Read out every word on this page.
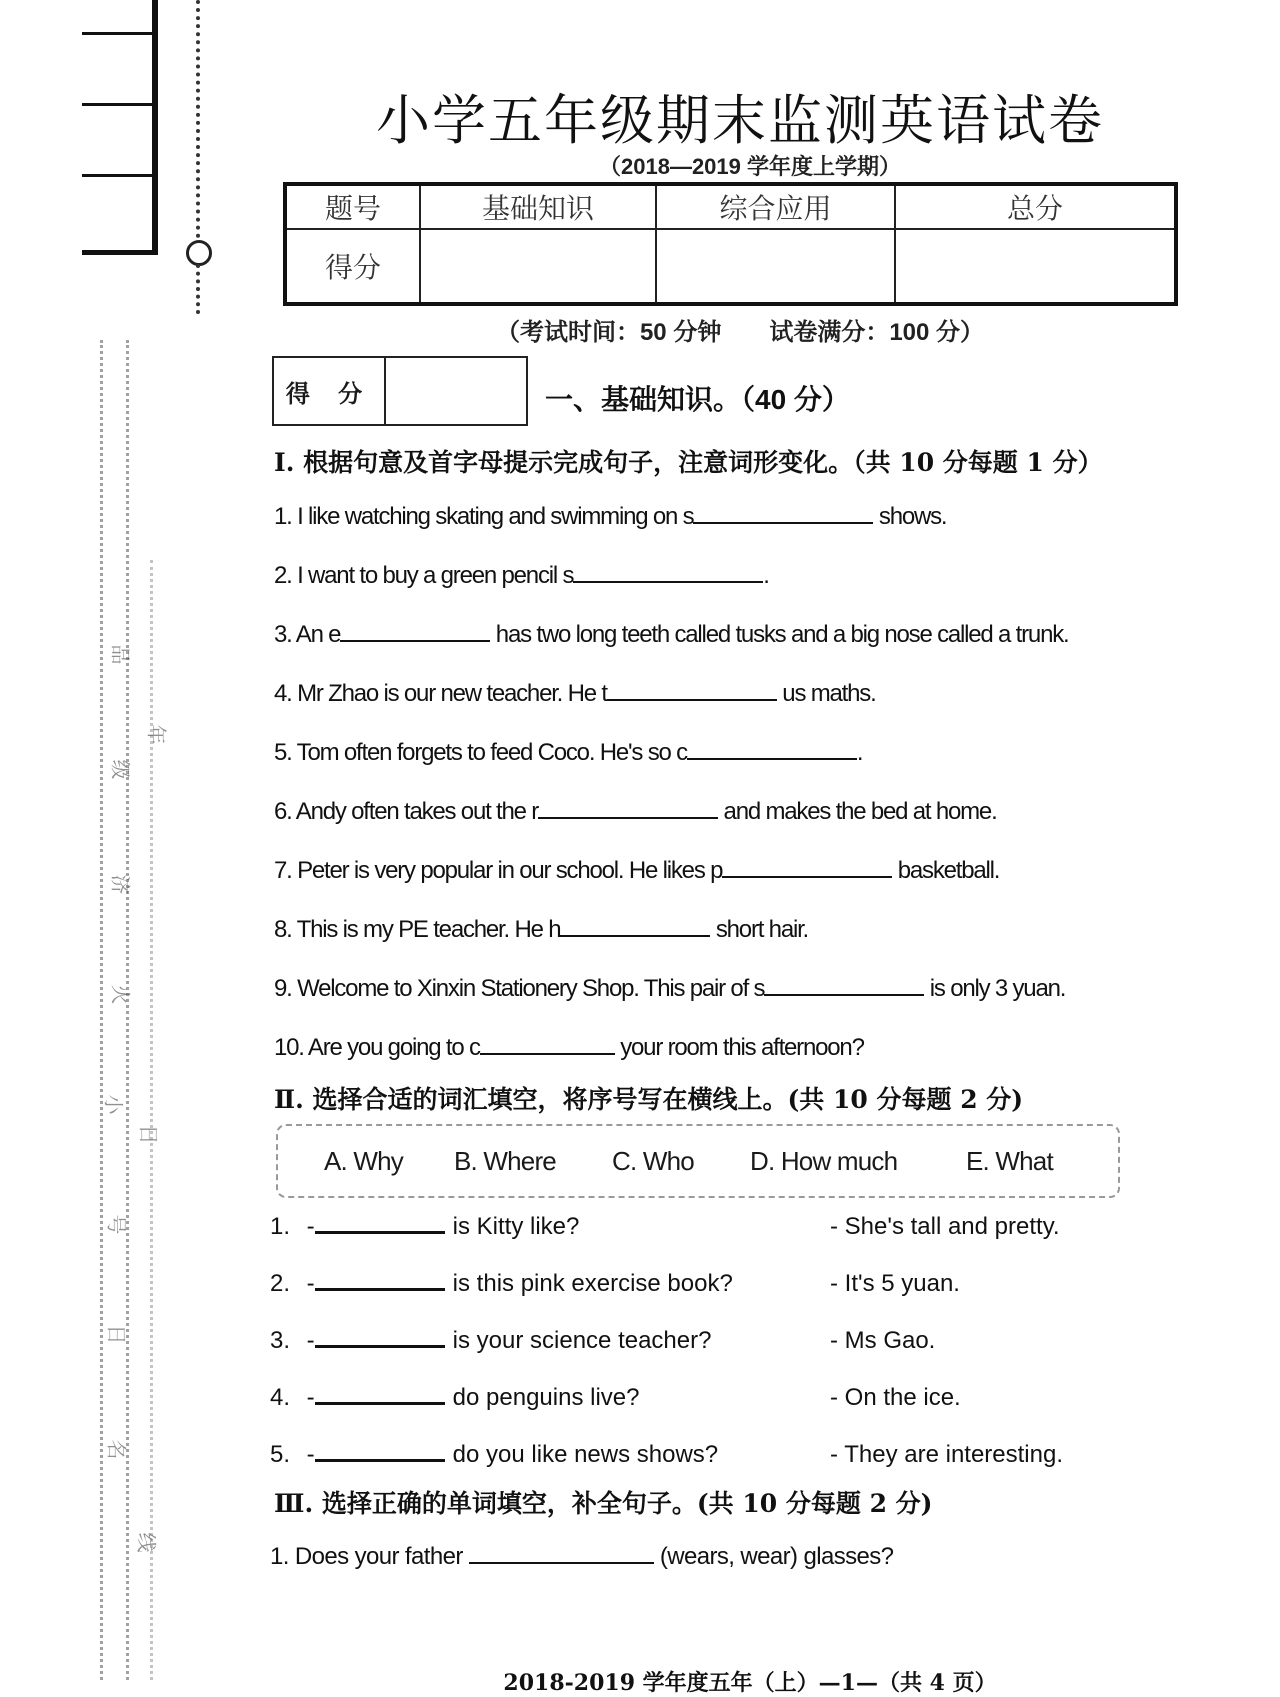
品
年
级
济
火
小
日
号
日
名
线
小学五年级期末监测英语试卷
（2018—2019 学年度上学期）
题号	基础知识	综合应用	总分
得分			
（考试时间：50 分钟　　试卷满分：100 分）
得 分	一、基础知识。（40 分）
Ⅰ. 根据句意及首字母提示完成句子，注意词形变化。（共 10 分每题 1 分）
1. I like watching skating and swimming on s	shows.
2. I want to buy a green pencil s	.
3. An e	has two long teeth called tusks and a big nose called a trunk.
4. Mr Zhao is our new teacher. He t	us maths.
5. Tom often forgets to feed Coco. He's so c	.
6. Andy often takes out the r	and makes the bed at home.
7. Peter is very popular in our school. He likes p	basketball.
8. This is my PE teacher. He h	short hair.
9. Welcome to Xinxin Stationery Shop. This pair of s	is only 3 yuan.
10. Are you going to c	your room this afternoon?
Ⅱ. 选择合适的词汇填空，将序号写在横线上。(共 10 分每题 2 分)
A. Why B. Where C. Who D. How much	E. What
1. -	is Kitty like?	- She's tall and pretty.
2. -	is this pink exercise book?	- It's 5 yuan.
3. -	is your science teacher?	- Ms Gao.
4. -	do penguins live?	- On the ice.
5. -	do you like news shows?	- They are interesting.
Ⅲ. 选择正确的单词填空，补全句子。(共 10 分每题 2 分)
1. Does your father	(wears, wear) glasses?
2018-2019 学年度五年（上）—1—（共 4 页）
